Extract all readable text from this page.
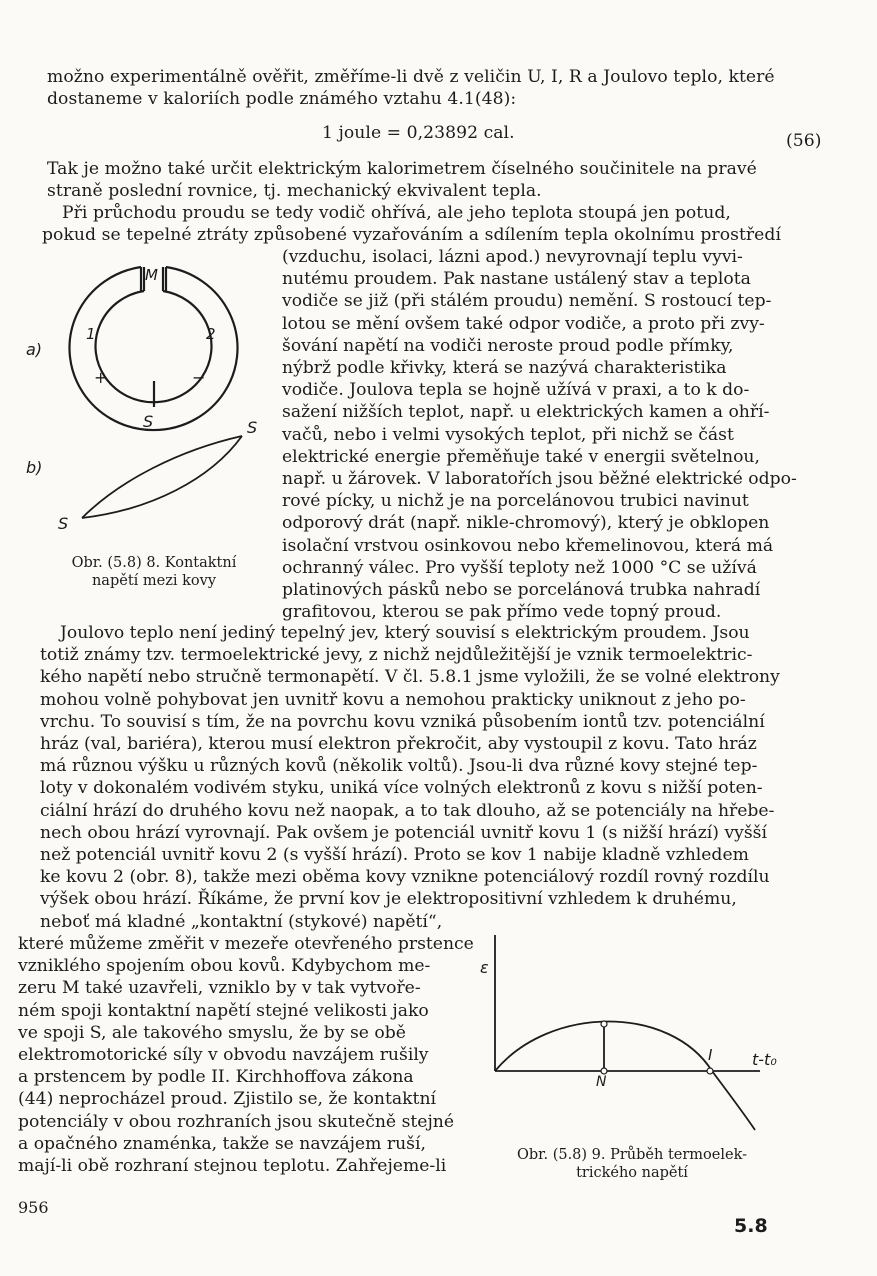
možno experimentálně ověřit, změříme-li dvě z veličin U, I, R a Joulovo teplo, které
dostaneme v kaloriích podle známého vztahu 4.1(48):
1 joule = 0,23892 cal.	(56)
Tak je možno také určit elektrickým kalorimetrem číselného součinitele na pravé
straně poslední rovnice, tj. mechanický ekvivalent tepla.
Při průchodu proudu se tedy vodič ohřívá, ale jeho teplota stoupá jen potud,
pokud se tepelné ztráty způsobené vyzařováním a sdílením tepla okolnímu prostředí
(vzduchu, isolaci, lázni apod.) nevyrovnají teplu vyvi-
nutému proudem. Pak nastane ustálený stav a teplota
vodiče se již (při stálém proudu) nemění. S rostoucí tep-
lotou se mění ovšem také odpor vodiče, a proto při zvy-
šování napětí na vodiči neroste proud podle přímky,
nýbrž podle křivky, která se nazývá charakteristika
vodiče. Joulova tepla se hojně užívá v praxi, a to k do-
sažení nižších teplot, např. u elektrických kamen a ohří-
vačů, nebo i velmi vysokých teplot, při nichž se část
elektrické energie přeměňuje také v energii světelnou,
např. u žárovek. V laboratořích jsou běžné elektrické odpo-
rové pícky, u nichž je na porcelánovou trubici navinut
odporový drát (např. nikle-chromový), který je obklopen
isolační vrstvou osinkovou nebo křemelinovou, která má
ochranný válec. Pro vyšší teploty než 1000 °C se užívá
platinových pásků nebo se porcelánová trubka nahradí
grafitovou, kterou se pak přímo vede topný proud.
a)
b)
M
1	2
+	−
S	S
S
Obr. (5.8) 8. Kontaktní
napětí mezi kovy
Joulovo teplo není jediný tepelný jev, který souvisí s elektrickým proudem. Jsou
totiž známy tzv. termoelektrické jevy, z nichž nejdůležitější je vznik termoelektric-
kého napětí nebo stručně termonapětí. V čl. 5.8.1 jsme vyložili, že se volné elektrony
mohou volně pohybovat jen uvnitř kovu a nemohou prakticky uniknout z jeho po-
vrchu. To souvisí s tím, že na povrchu kovu vzniká působením iontů tzv. potenciální
hráz (val, bariéra), kterou musí elektron překročit, aby vystoupil z kovu. Tato hráz
má různou výšku u různých kovů (několik voltů). Jsou-li dva různé kovy stejné tep-
loty v dokonalém vodivém styku, uniká více volných elektronů z kovu s nižší poten-
ciální hrází do druhého kovu než naopak, a to tak dlouho, až se potenciály na hřebe-
nech obou hrází vyrovnají. Pak ovšem je potenciál uvnitř kovu 1 (s nižší hrází) vyšší
než potenciál uvnitř kovu 2 (s vyšší hrází). Proto se kov 1 nabije kladně vzhledem
ke kovu 2 (obr. 8), takže mezi oběma kovy vznikne potenciálový rozdíl rovný rozdílu
výšek obou hrází. Říkáme, že první kov je elektropositivní vzhledem k druhému,
neboť má kladné „kontaktní (stykové) napětí“,
které můžeme změřit v mezeře otevřeného prstence
vzniklého spojením obou kovů. Kdybychom me-
zeru M také uzavřeli, vzniklo by v tak vytvoře-
ném spoji kontaktní napětí stejné velikosti jako
ve spoji S, ale takového smyslu, že by se obě
elektromotorické síly v obvodu navzájem rušily
a prstencem by podle II. Kirchhoffova zákona
(44) neprocházel proud. Zjistilo se, že kontaktní
potenciály v obou rozhraních jsou skutečně stejné
a opačného znaménka, takže se navzájem ruší,
mají-li obě rozhraní stejnou teplotu. Zahřejeme-li
ε
N
I t-t₀
Obr. (5.8) 9. Průběh termoelek-
trického napětí
956
5.8
